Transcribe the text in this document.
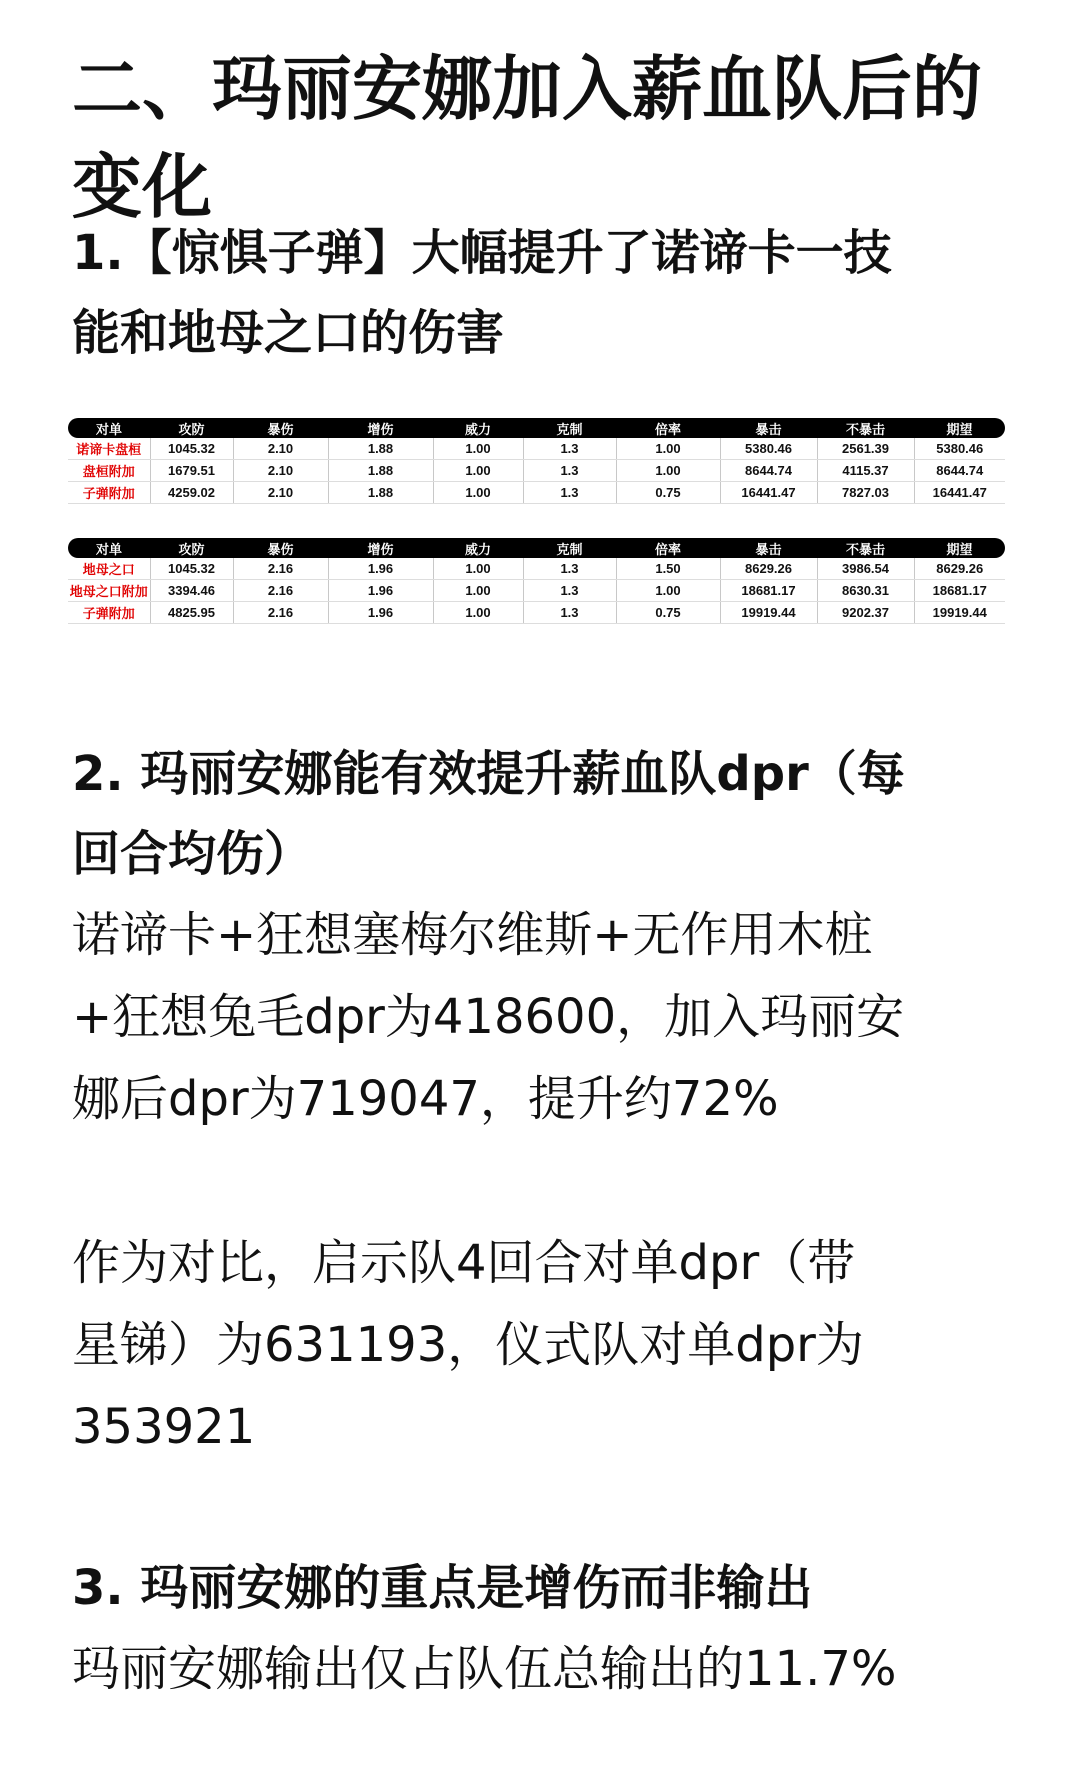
二、玛丽安娜加入薪血队后的
变化
1.【惊惧子弹】大幅提升了诺谛卡一技
能和地母之口的伤害
对单	攻防	暴伤	增伤	威力	克制	倍率	暴击	不暴击	期望
诺谛卡盘桓	1045.32	2.10	1.88	1.00	1.3	1.00	5380.46	2561.39	5380.46
盘桓附加	1679.51	2.10	1.88	1.00	1.3	1.00	8644.74	4115.37	8644.74
子弹附加	4259.02	2.10	1.88	1.00	1.3	0.75	16441.47	7827.03	16441.47
对单	攻防	暴伤	增伤	威力	克制	倍率	暴击	不暴击	期望
地母之口	1045.32	2.16	1.96	1.00	1.3	1.50	8629.26	3986.54	8629.26
地母之口附加	3394.46	2.16	1.96	1.00	1.3	1.00	18681.17	8630.31	18681.17
子弹附加	4825.95	2.16	1.96	1.00	1.3	0.75	19919.44	9202.37	19919.44
2. 玛丽安娜能有效提升薪血队dpr（每
回合均伤）

诺谛卡+狂想塞梅尔维斯+无作用木桩
+狂想兔毛dpr为418600，加入玛丽安
娜后dpr为719047，提升约72%

作为对比，启示队4回合对单dpr（带
星锑）为631193，仪式队对单dpr为
353921

3. 玛丽安娜的重点是增伤而非输出

玛丽安娜输出仅占队伍总输出的11.7%
